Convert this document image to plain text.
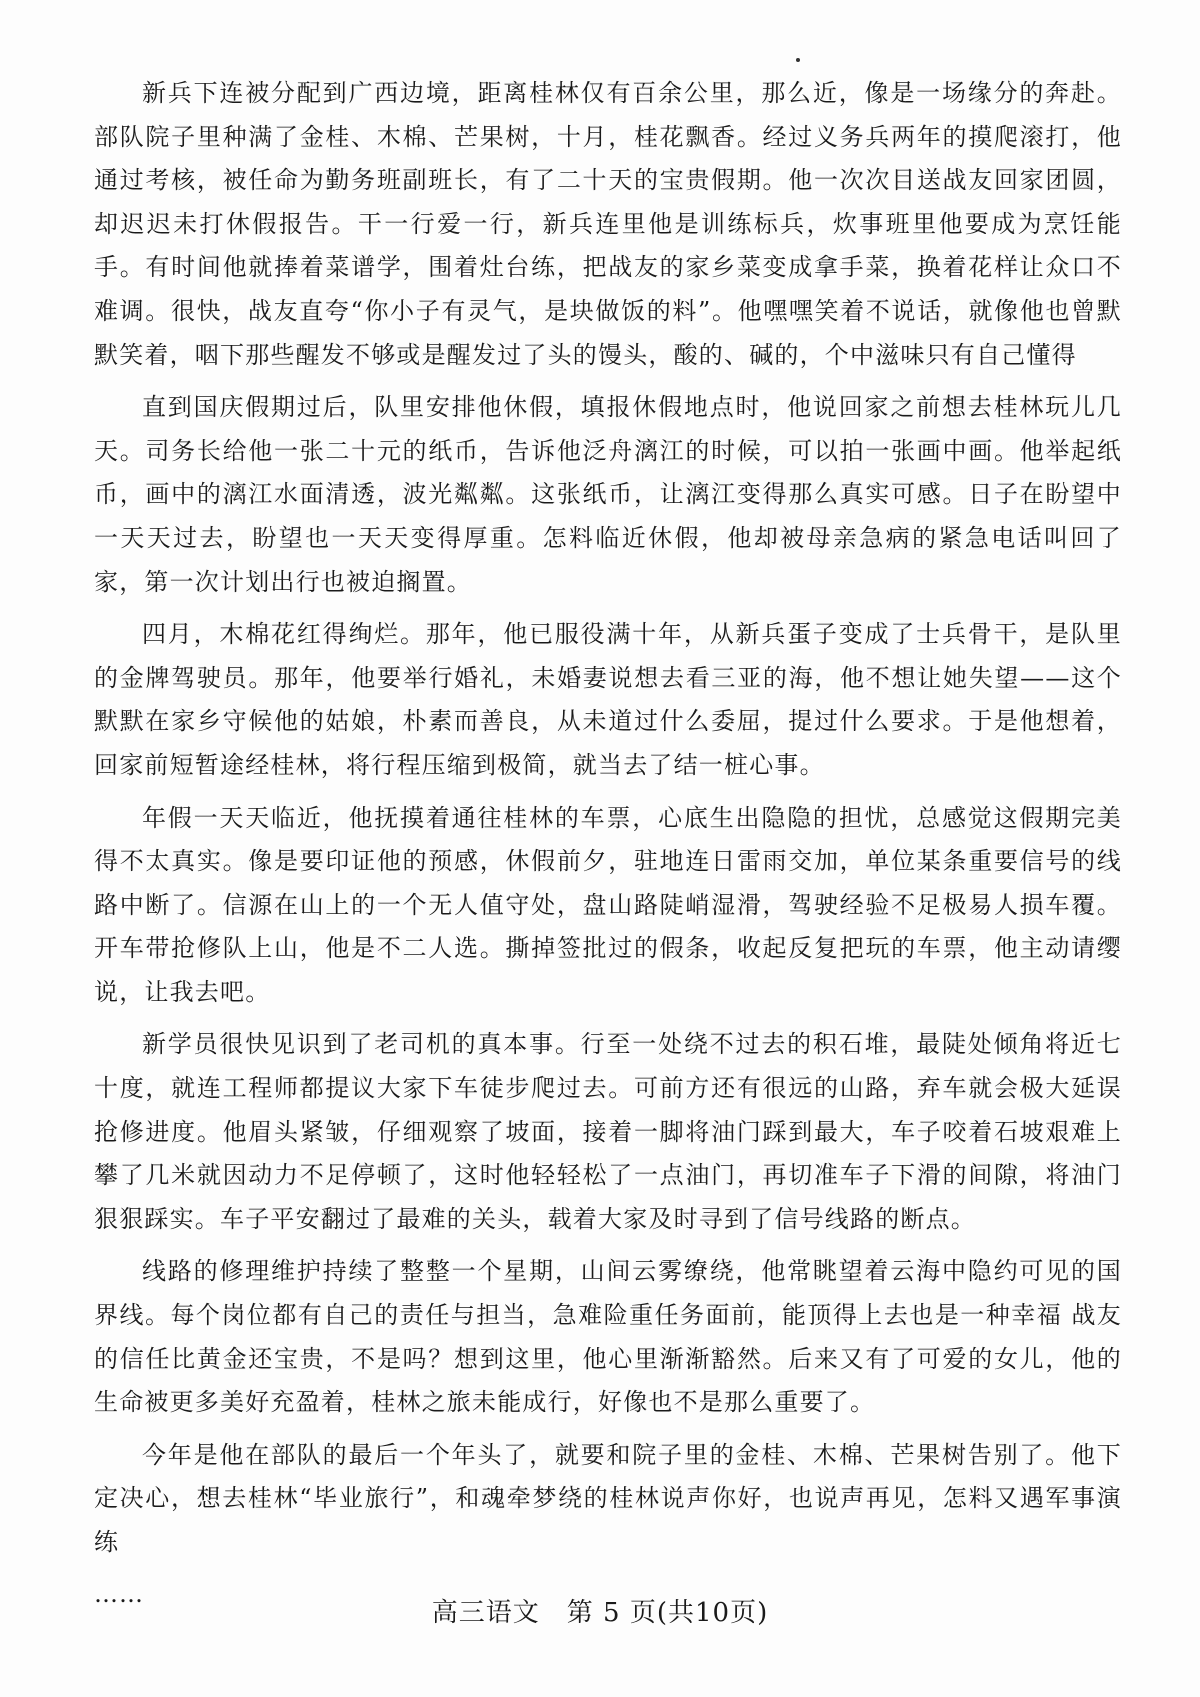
新兵下连被分配到广西边境，距离桂林仅有百余公里，那么近，像是一场缘分的奔赴。部队院子里种满了金桂、木棉、芒果树，十月，桂花飘香。经过义务兵两年的摸爬滚打，他通过考核，被任命为勤务班副班长，有了二十天的宝贵假期。他一次次目送战友回家团圆，却迟迟未打休假报告。干一行爱一行，新兵连里他是训练标兵，炊事班里他要成为烹饪能手。有时间他就捧着菜谱学，围着灶台练，把战友的家乡菜变成拿手菜，换着花样让众口不难调。很快，战友直夸“你小子有灵气，是块做饭的料”。他嘿嘿笑着不说话，就像他也曾默默笑着，咽下那些醒发不够或是醒发过了头的馒头，酸的、碱的，个中滋味只有自己懂得

直到国庆假期过后，队里安排他休假，填报休假地点时，他说回家之前想去桂林玩儿几天。司务长给他一张二十元的纸币，告诉他泛舟漓江的时候，可以拍一张画中画。他举起纸币，画中的漓江水面清透，波光粼粼。这张纸币，让漓江变得那么真实可感。日子在盼望中一天天过去，盼望也一天天变得厚重。怎料临近休假，他却被母亲急病的紧急电话叫回了家，第一次计划出行也被迫搁置。

四月，木棉花红得绚烂。那年，他已服役满十年，从新兵蛋子变成了士兵骨干，是队里的金牌驾驶员。那年，他要举行婚礼，未婚妻说想去看三亚的海，他不想让她失望——这个默默在家乡守候他的姑娘，朴素而善良，从未道过什么委屈，提过什么要求。于是他想着，回家前短暂途经桂林，将行程压缩到极简，就当去了结一桩心事。

年假一天天临近，他抚摸着通往桂林的车票，心底生出隐隐的担忧，总感觉这假期完美得不太真实。像是要印证他的预感，休假前夕，驻地连日雷雨交加，单位某条重要信号的线路中断了。信源在山上的一个无人值守处，盘山路陡峭湿滑，驾驶经验不足极易人损车覆。开车带抢修队上山，他是不二人选。撕掉签批过的假条，收起反复把玩的车票，他主动请缨说，让我去吧。

新学员很快见识到了老司机的真本事。行至一处绕不过去的积石堆，最陡处倾角将近七十度，就连工程师都提议大家下车徒步爬过去。可前方还有很远的山路，弃车就会极大延误抢修进度。他眉头紧皱，仔细观察了坡面，接着一脚将油门踩到最大，车子咬着石坡艰难上攀了几米就因动力不足停顿了，这时他轻轻松了一点油门，再切准车子下滑的间隙，将油门狠狠踩实。车子平安翻过了最难的关头，载着大家及时寻到了信号线路的断点。

线路的修理维护持续了整整一个星期，山间云雾缭绕，他常眺望着云海中隐约可见的国界线。每个岗位都有自己的责任与担当，急难险重任务面前，能顶得上去也是一种幸福 战友的信任比黄金还宝贵，不是吗？想到这里，他心里渐渐豁然。后来又有了可爱的女儿，他的生命被更多美好充盈着，桂林之旅未能成行，好像也不是那么重要了。

今年是他在部队的最后一个年头了，就要和院子里的金桂、木棉、芒果树告别了。他下定决心，想去桂林“毕业旅行”，和魂牵梦绕的桂林说声你好，也说声再见，怎料又遇军事演练

……

高三语文　第 5 页(共10页)
